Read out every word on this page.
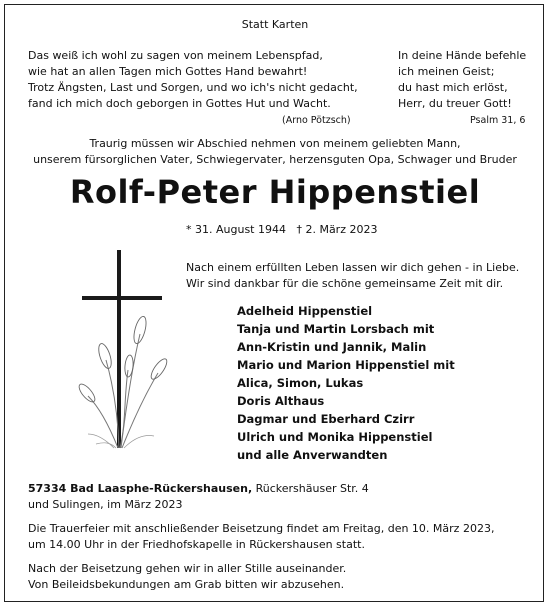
Statt Karten
Das weiß ich wohl zu sagen von meinem Lebenspfad,
wie hat an allen Tagen mich Gottes Hand bewahrt!
Trotz Ängsten, Last und Sorgen, und wo ich's nicht gedacht,
fand ich mich doch geborgen in Gottes Hut und Wacht.
(Arno Pötzsch)
In deine Hände befehle
ich meinen Geist;
du hast mich erlöst,
Herr, du treuer Gott!
Psalm 31, 6
Traurig müssen wir Abschied nehmen von meinem geliebten Mann,
unserem fürsorglichen Vater, Schwiegervater, herzensguten Opa, Schwager und Bruder
Rolf-Peter Hippenstiel
* 31. August 1944   † 2. März 2023
Nach einem erfüllten Leben lassen wir dich gehen - in Liebe.
Wir sind dankbar für die schöne gemeinsame Zeit mit dir.
Adelheid Hippenstiel
Tanja und Martin Lorsbach mit
Ann-Kristin und Jannik, Malin
Mario und Marion Hippenstiel mit
Alica, Simon, Lukas
Doris Althaus
Dagmar und Eberhard Czirr
Ulrich und Monika Hippenstiel
und alle Anverwandten
57334 Bad Laasphe-Rückershausen, Rückershäuser Str. 4
und Sulingen, im März 2023
Die Trauerfeier mit anschließender Beisetzung findet am Freitag, den 10. März 2023,
um 14.00 Uhr in der Friedhofskapelle in Rückershausen statt.
Nach der Beisetzung gehen wir in aller Stille auseinander.
Von Beileidsbekundungen am Grab bitten wir abzusehen.
